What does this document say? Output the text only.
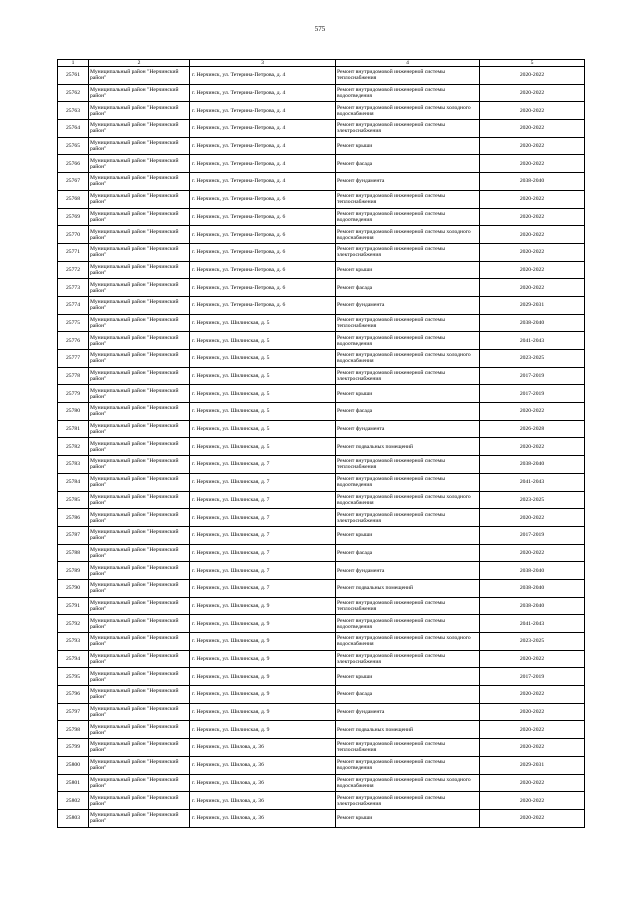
575
1	2	3	4	5
25761	Муниципальный район "Нерчинский район"	г. Нерчинск, ул. Тетерина-Петрова, д. 4	Ремонт внутридомовой инженерной системы теплоснабжения	2020-2022
25762	Муниципальный район "Нерчинский район"	г. Нерчинск, ул. Тетерина-Петрова, д. 4	Ремонт внутридомовой инженерной системы водоотведения	2020-2022
25763	Муниципальный район "Нерчинский район"	г. Нерчинск, ул. Тетерина-Петрова, д. 4	Ремонт внутридомовой инженерной системы холодного водоснабжения	2020-2022
25764	Муниципальный район "Нерчинский район"	г. Нерчинск, ул. Тетерина-Петрова, д. 4	Ремонт внутридомовой инженерной системы электроснабжения	2020-2022
25765	Муниципальный район "Нерчинский район"	г. Нерчинск, ул. Тетерина-Петрова, д. 4	Ремонт крыши	2020-2022
25766	Муниципальный район "Нерчинский район"	г. Нерчинск, ул. Тетерина-Петрова, д. 4	Ремонт фасада	2020-2022
25767	Муниципальный район "Нерчинский район"	г. Нерчинск, ул. Тетерина-Петрова, д. 4	Ремонт фундамента	2038-2040
25768	Муниципальный район "Нерчинский район"	г. Нерчинск, ул. Тетерина-Петрова, д. 6	Ремонт внутридомовой инженерной системы теплоснабжения	2020-2022
25769	Муниципальный район "Нерчинский район"	г. Нерчинск, ул. Тетерина-Петрова, д. 6	Ремонт внутридомовой инженерной системы водоотведения	2020-2022
25770	Муниципальный район "Нерчинский район"	г. Нерчинск, ул. Тетерина-Петрова, д. 6	Ремонт внутридомовой инженерной системы холодного водоснабжения	2020-2022
25771	Муниципальный район "Нерчинский район"	г. Нерчинск, ул. Тетерина-Петрова, д. 6	Ремонт внутридомовой инженерной системы электроснабжения	2020-2022
25772	Муниципальный район "Нерчинский район"	г. Нерчинск, ул. Тетерина-Петрова, д. 6	Ремонт крыши	2020-2022
25773	Муниципальный район "Нерчинский район"	г. Нерчинск, ул. Тетерина-Петрова, д. 6	Ремонт фасада	2020-2022
25774	Муниципальный район "Нерчинский район"	г. Нерчинск, ул. Тетерина-Петрова, д. 6	Ремонт фундамента	2029-2031
25775	Муниципальный район "Нерчинский район"	г. Нерчинск, ул. Шилинская, д. 5	Ремонт внутридомовой инженерной системы теплоснабжения	2038-2040
25776	Муниципальный район "Нерчинский район"	г. Нерчинск, ул. Шилинская, д. 5	Ремонт внутридомовой инженерной системы водоотведения	2041-2043
25777	Муниципальный район "Нерчинский район"	г. Нерчинск, ул. Шилинская, д. 5	Ремонт внутридомовой инженерной системы холодного водоснабжения	2023-2025
25778	Муниципальный район "Нерчинский район"	г. Нерчинск, ул. Шилинская, д. 5	Ремонт внутридомовой инженерной системы электроснабжения	2017-2019
25779	Муниципальный район "Нерчинский район"	г. Нерчинск, ул. Шилинская, д. 5	Ремонт крыши	2017-2019
25780	Муниципальный район "Нерчинский район"	г. Нерчинск, ул. Шилинская, д. 5	Ремонт фасада	2020-2022
25781	Муниципальный район "Нерчинский район"	г. Нерчинск, ул. Шилинская, д. 5	Ремонт фундамента	2026-2028
25782	Муниципальный район "Нерчинский район"	г. Нерчинск, ул. Шилинская, д. 5	Ремонт подвальных помещений	2020-2022
25783	Муниципальный район "Нерчинский район"	г. Нерчинск, ул. Шилинская, д. 7	Ремонт внутридомовой инженерной системы теплоснабжения	2038-2040
25784	Муниципальный район "Нерчинский район"	г. Нерчинск, ул. Шилинская, д. 7	Ремонт внутридомовой инженерной системы водоотведения	2041-2043
25785	Муниципальный район "Нерчинский район"	г. Нерчинск, ул. Шилинская, д. 7	Ремонт внутридомовой инженерной системы холодного водоснабжения	2023-2025
25786	Муниципальный район "Нерчинский район"	г. Нерчинск, ул. Шилинская, д. 7	Ремонт внутридомовой инженерной системы электроснабжения	2020-2022
25787	Муниципальный район "Нерчинский район"	г. Нерчинск, ул. Шилинская, д. 7	Ремонт крыши	2017-2019
25788	Муниципальный район "Нерчинский район"	г. Нерчинск, ул. Шилинская, д. 7	Ремонт фасада	2020-2022
25789	Муниципальный район "Нерчинский район"	г. Нерчинск, ул. Шилинская, д. 7	Ремонт фундамента	2038-2040
25790	Муниципальный район "Нерчинский район"	г. Нерчинск, ул. Шилинская, д. 7	Ремонт подвальных помещений	2038-2040
25791	Муниципальный район "Нерчинский район"	г. Нерчинск, ул. Шилинская, д. 9	Ремонт внутридомовой инженерной системы теплоснабжения	2038-2040
25792	Муниципальный район "Нерчинский район"	г. Нерчинск, ул. Шилинская, д. 9	Ремонт внутридомовой инженерной системы водоотведения	2041-2043
25793	Муниципальный район "Нерчинский район"	г. Нерчинск, ул. Шилинская, д. 9	Ремонт внутридомовой инженерной системы холодного водоснабжения	2023-2025
25794	Муниципальный район "Нерчинский район"	г. Нерчинск, ул. Шилинская, д. 9	Ремонт внутридомовой инженерной системы электроснабжения	2020-2022
25795	Муниципальный район "Нерчинский район"	г. Нерчинск, ул. Шилинская, д. 9	Ремонт крыши	2017-2019
25796	Муниципальный район "Нерчинский район"	г. Нерчинск, ул. Шилинская, д. 9	Ремонт фасада	2020-2022
25797	Муниципальный район "Нерчинский район"	г. Нерчинск, ул. Шилинская, д. 9	Ремонт фундамента	2020-2022
25798	Муниципальный район "Нерчинский район"	г. Нерчинск, ул. Шилинская, д. 9	Ремонт подвальных помещений	2020-2022
25799	Муниципальный район "Нерчинский район"	г. Нерчинск, ул. Шилова, д. 36	Ремонт внутридомовой инженерной системы теплоснабжения	2020-2022
25800	Муниципальный район "Нерчинский район"	г. Нерчинск, ул. Шилова, д. 36	Ремонт внутридомовой инженерной системы водоотведения	2029-2031
25801	Муниципальный район "Нерчинский район"	г. Нерчинск, ул. Шилова, д. 36	Ремонт внутридомовой инженерной системы холодного водоснабжения	2020-2022
25802	Муниципальный район "Нерчинский район"	г. Нерчинск, ул. Шилова, д. 36	Ремонт внутридомовой инженерной системы электроснабжения	2020-2022
25803	Муниципальный район "Нерчинский район"	г. Нерчинск, ул. Шилова, д. 36	Ремонт крыши	2020-2022
